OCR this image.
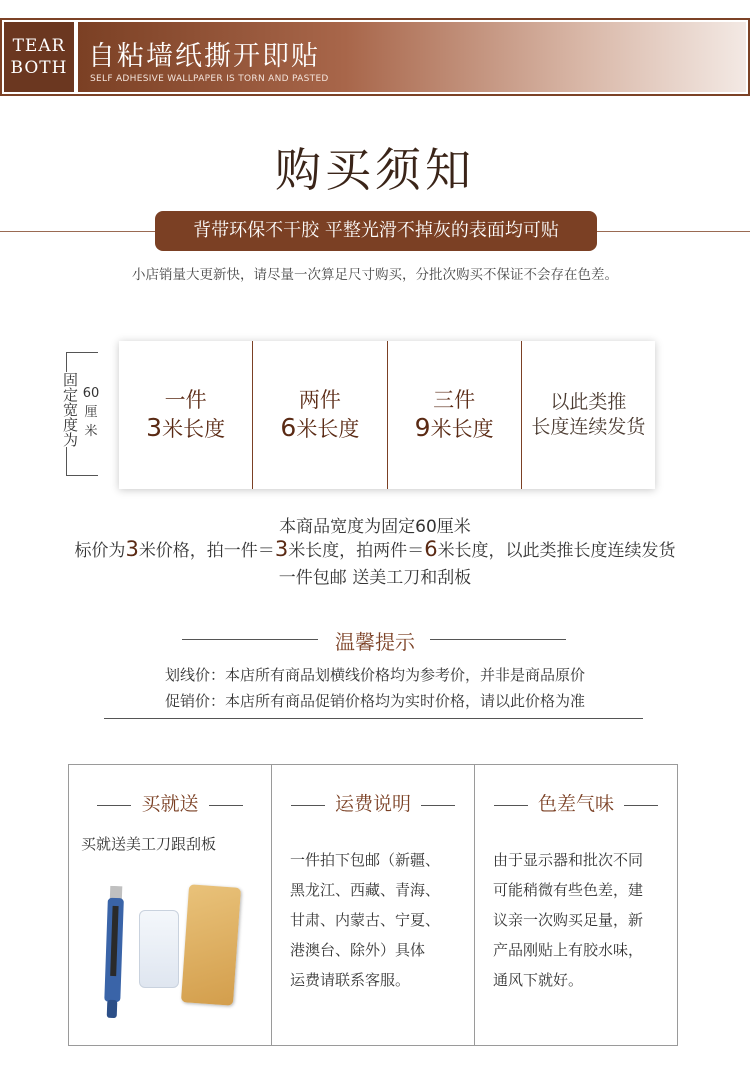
TEAR
BOTH 自粘墙纸撕开即贴
SELF ADHESIVE WALLPAPER IS TORN AND PASTED
购买须知
背带环保不干胶 平整光滑不掉灰的表面均可贴
小店销量大更新快，请尽量一次算足尺寸购买，分批次购买不保证不会存在色差。
固定宽度为 60厘米
一件
3米长度
两件
6米长度
三件
9米长度
以此类推
长度连续发货
本商品宽度为固定60厘米
标价为3米价格，拍一件＝3米长度，拍两件＝6米长度，以此类推长度连续发货
一件包邮 送美工刀和刮板
温馨提示
划线价：本店所有商品划横线价格均为参考价，并非是商品原价
促销价：本店所有商品促销价格均为实时价格，请以此价格为准
买就送
买就送美工刀跟刮板
运费说明
一件拍下包邮（新疆、
黑龙江、西藏、青海、
甘肃、内蒙古、宁夏、
港澳台、除外）具体
运费请联系客服。
色差气味
由于显示器和批次不同
可能稍微有些色差，建
议亲一次购买足量，新
产品刚贴上有胶水味，
通风下就好。
